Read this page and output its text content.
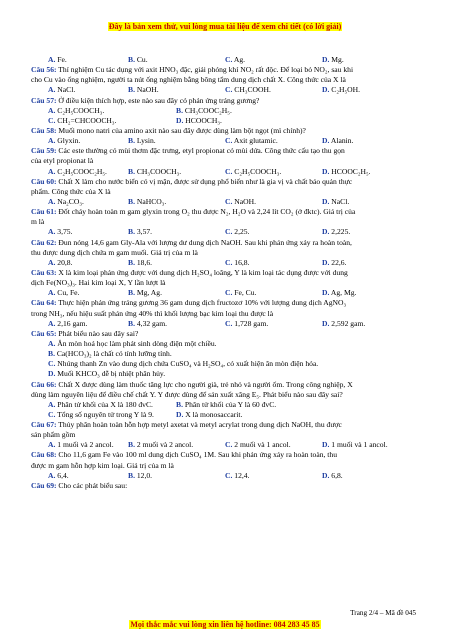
Đây là bản xem thử, vui lòng mua tài liệu để xem chi tiết (có lời giải)
A. Fe.	B. Cu.	C. Ag.	D. Mg.
Câu 56: Thí nghiệm Cu tác dụng với axit HNO₃ đặc, giải phóng khí NO₂ rất độc. Để loại bỏ NO₂, sau khi
cho Cu vào ống nghiệm, người ta nút ống nghiệm bằng bông tẩm dung dịch chất X. Công thức của X là
A. NaCl.	B. NaOH.	C. CH₃COOH.	D. C₂H₅OH.
Câu 57: Ở điều kiện thích hợp, este nào sau đây có phản ứng tráng gương?
A. C₂H₅COOCH₃.	B. CH₃COOC₂H₅.
C. CH₂=CHCOOCH₃.	D. HCOOCH₃.
Câu 58: Muối mono natri của amino axit nào sau đây được dùng làm bột ngọt (mì chính)?
A. Glyxin.	B. Lysin.	C. Axit glutamic.	D. Alanin.
Câu 59: Các este thường có mùi thơm đặc trưng, etyl propionat có mùi dứa. Công thức cấu tạo thu gọn
của etyl propionat là
A. C₂H₅COOC₂H₅.	B. CH₃COOCH₃.	C. C₂H₅COOCH₃.	D. HCOOC₂H₅.
Câu 60: Chất X làm cho nước biển có vị mặn, được sử dụng phổ biến như là gia vị và chất bảo quản thực
phẩm. Công thức của X là
A. Na₂CO₃.	B. NaHCO₃.	C. NaOH.	D. NaCl.
Câu 61: Đốt cháy hoàn toàn m gam glyxin trong O₂ thu được N₂, H₂O và 2,24 lít CO₂ (ở đktc). Giá trị của
m là
A. 3,75.	B. 3,57.	C. 2,25.	D. 2,225.
Câu 62: Đun nóng 14,6 gam Gly-Ala với lượng dư dung dịch NaOH. Sau khi phản ứng xảy ra hoàn toàn,
thu được dung dịch chứa m gam muối. Giá trị của m là
A. 20,8.	B. 18,6.	C. 16,8.	D. 22,6.
Câu 63: X là kim loại phản ứng được với dung dịch H₂SO₄ loãng, Y là kim loại tác dụng được với dung
dịch Fe(NO₃)₃. Hai kim loại X, Y lần lượt là
A. Cu, Fe.	B. Mg, Ag.	C. Fe, Cu.	D. Ag, Mg.
Câu 64: Thực hiện phản ứng tráng gương 36 gam dung dịch fructozơ 10% với lượng dung dịch AgNO₃
trong NH₃, nếu hiệu suất phản ứng 40% thì khối lượng bạc kim loại thu được là
A. 2,16 gam.	B. 4,32 gam.	C. 1,728 gam.	D. 2,592 gam.
Câu 65: Phát biểu nào sau đây sai?
A. Ăn mòn hoá học làm phát sinh dòng điện một chiều.
B. Ca(HCO₃)₂ là chất có tính lưỡng tính.
C. Nhúng thanh Zn vào dung dịch chứa CuSO₄ và H₂SO₄, có xuất hiện ăn mòn điện hóa.
D. Muối KHCO₃ dễ bị nhiệt phân hủy.
Câu 66: Chất X được dùng làm thuốc tăng lực cho người già, trẻ nhỏ và người ốm. Trong công nghiệp, X
dùng làm nguyên liệu để điều chế chất Y. Y được dùng để sản xuất xăng E₅. Phát biểu nào sau đây sai?
A. Phân tử khối của X là 180 đvC.	B. Phân tử khối của Y là 60 đvC.
C. Tổng số nguyên tử trong Y là 9.	D. X là monosaccarit.
Câu 67: Thủy phân hoàn toàn hỗn hợp metyl axetat và metyl acrylat trong dung dịch NaOH, thu được
sản phẩm gồm
A. 1 muối và 2 ancol.	B. 2 muối và 2 ancol.	C. 2 muối và 1 ancol.	D. 1 muối và 1 ancol.
Câu 68: Cho 11,6 gam Fe vào 100 ml dung dịch CuSO₄ 1M. Sau khi phản ứng xảy ra hoàn toàn, thu
được m gam hỗn hợp kim loại. Giá trị của m là
A. 6,4.	B. 12,0.	C. 12,4.	D. 6,8.
Câu 69: Cho các phát biểu sau:
Trang 2/4 – Mã đề 045
Mọi thắc mắc vui lòng xin liên hệ hotline: 084 283 45 85
